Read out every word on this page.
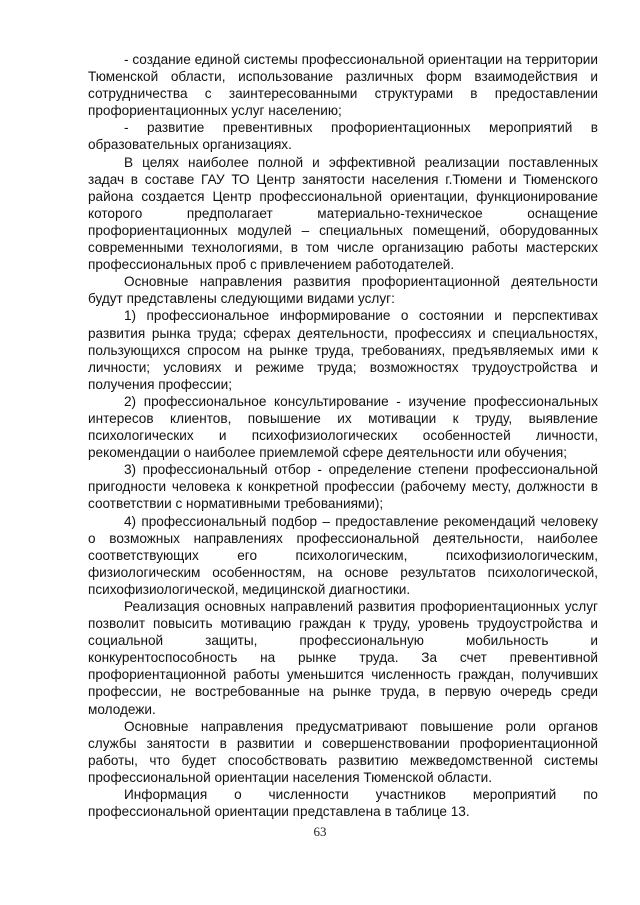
- создание единой системы профессиональной ориентации на территории Тюменской области, использование различных форм взаимодействия и сотрудничества с заинтересованными структурами в предоставлении профориентационных услуг населению;

- развитие превентивных профориентационных мероприятий в образовательных организациях.

В целях наиболее полной и эффективной реализации поставленных задач в составе ГАУ ТО Центр занятости населения г.Тюмени и Тюменского района создается Центр профессиональной ориентации, функционирование которого предполагает материально-техническое оснащение профориентационных модулей – специальных помещений, оборудованных современными технологиями, в том числе организацию работы мастерских профессиональных проб с привлечением работодателей.

Основные направления развития профориентационной деятельности будут представлены следующими видами услуг:

1) профессиональное информирование о состоянии и перспективах развития рынка труда; сферах деятельности, профессиях и специальностях, пользующихся спросом на рынке труда, требованиях, предъявляемых ими к личности; условиях и режиме труда; возможностях трудоустройства и получения профессии;

2) профессиональное консультирование - изучение профессиональных интересов клиентов, повышение их мотивации к труду, выявление психологических и психофизиологических особенностей личности, рекомендации о наиболее приемлемой сфере деятельности или обучения;

3) профессиональный отбор - определение степени профессиональной пригодности человека к конкретной профессии (рабочему месту, должности в соответствии с нормативными требованиями);

4) профессиональный подбор – предоставление рекомендаций человеку о возможных направлениях профессиональной деятельности, наиболее соответствующих его психологическим, психофизиологическим, физиологическим особенностям, на основе результатов психологической, психофизиологической, медицинской диагностики.

Реализация основных направлений развития профориентационных услуг позволит повысить мотивацию граждан к труду, уровень трудоустройства и социальной защиты, профессиональную мобильность и конкурентоспособность на рынке труда. За счет превентивной профориентационной работы уменьшится численность граждан, получивших профессии, не востребованные на рынке труда, в первую очередь среди молодежи.

Основные направления предусматривают повышение роли органов службы занятости в развитии и совершенствовании профориентационной работы, что будет способствовать развитию межведомственной системы профессиональной ориентации населения Тюменской области.

Информация о численности участников мероприятий по профессиональной ориентации представлена в таблице 13.

63
